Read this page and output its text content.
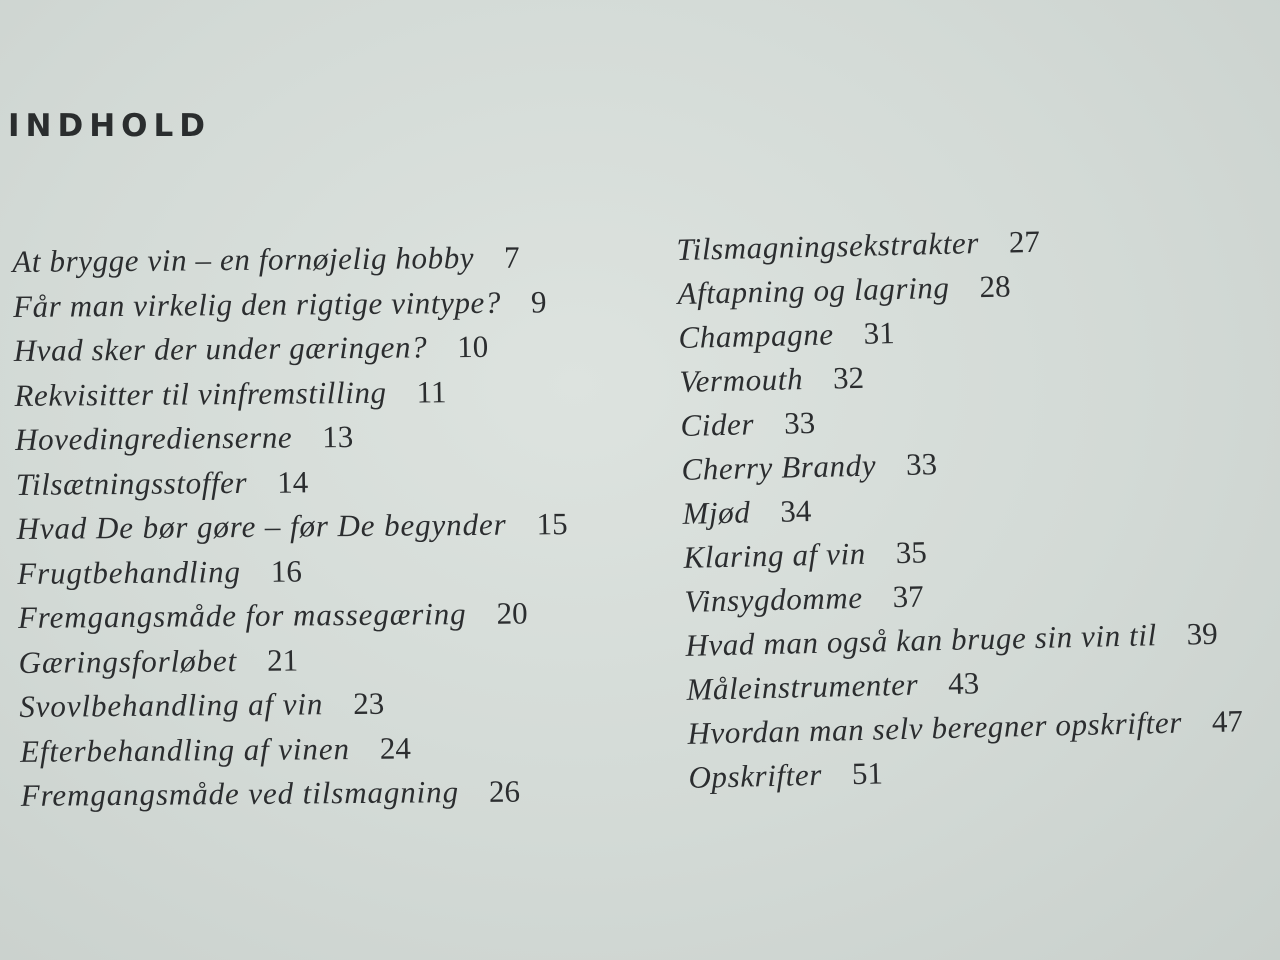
INDHOLD
At brygge vin – en fornøjelig hobby 7
Får man virkelig den rigtige vintype? 9
Hvad sker der under gæringen? 10
Rekvisitter til vinfremstilling 11
Hovedingredienserne 13
Tilsætningsstoffer 14
Hvad De bør gøre – før De begynder 15
Frugtbehandling 16
Fremgangsmåde for massegæring 20
Gæringsforløbet 21
Svovlbehandling af vin 23
Efterbehandling af vinen 24
Fremgangsmåde ved tilsmagning 26
Tilsmagningsekstrakter 27
Aftapning og lagring 28
Champagne 31
Vermouth 32
Cider 33
Cherry Brandy 33
Mjød 34
Klaring af vin 35
Vinsygdomme 37
Hvad man også kan bruge sin vin til 39
Måleinstrumenter 43
Hvordan man selv beregner opskrifter 47
Opskrifter 51
